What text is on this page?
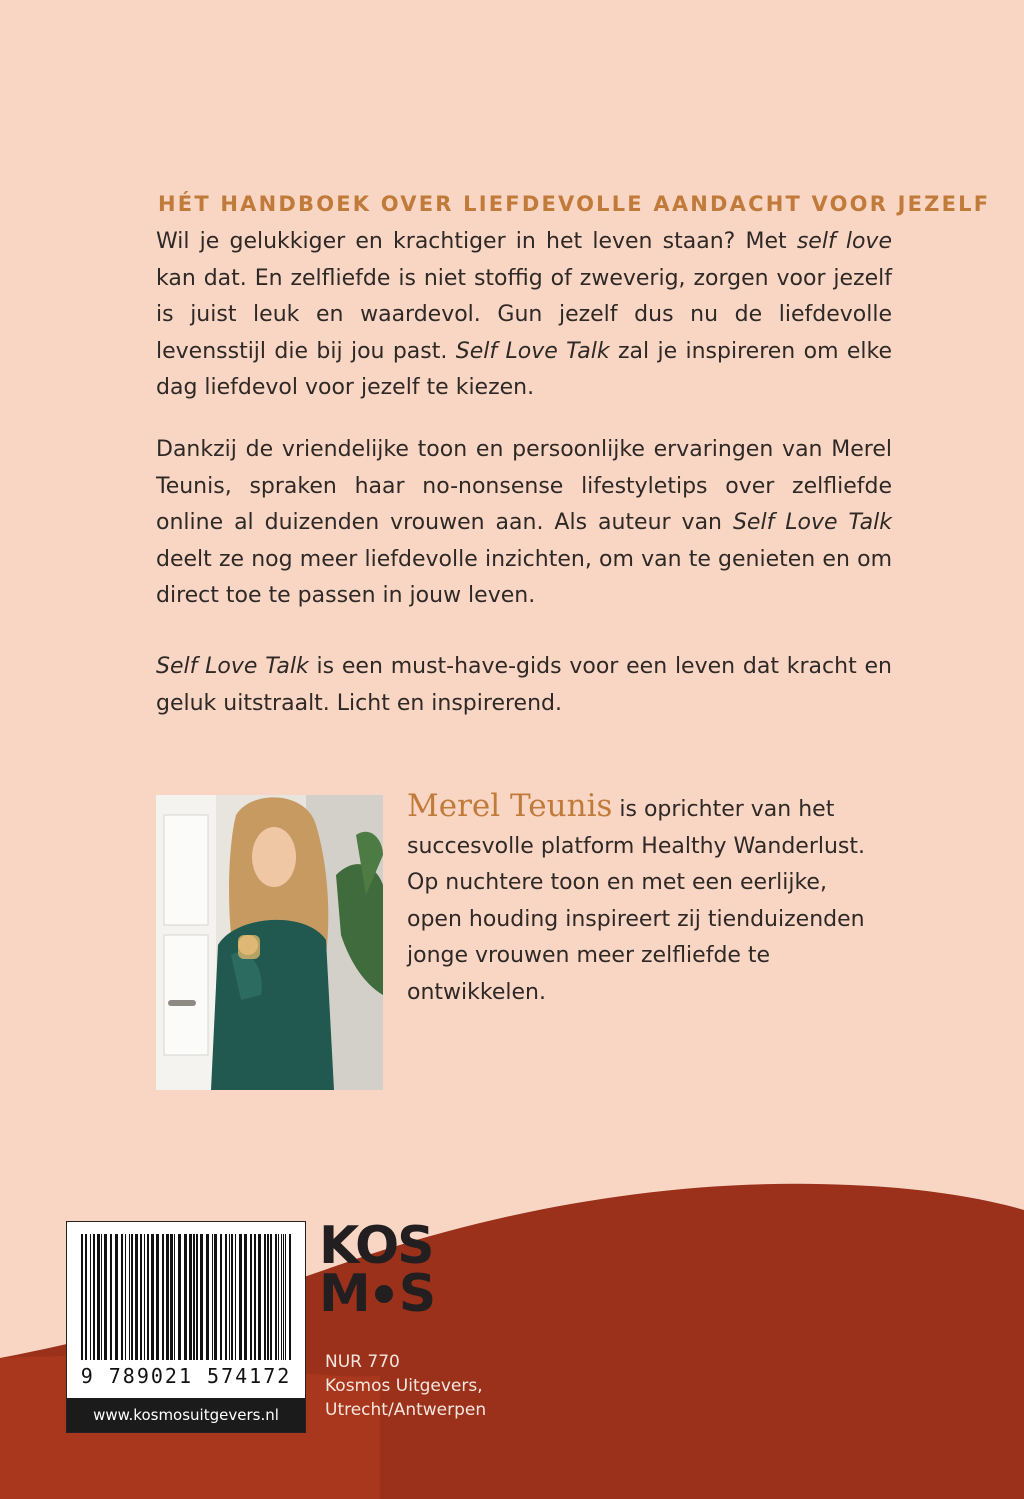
HÉT HANDBOEK OVER LIEFDEVOLLE AANDACHT VOOR JEZELF

Wil je gelukkiger en krachtiger in het leven staan? Met self love kan dat. En zelfliefde is niet stoffig of zweverig, zorgen voor jezelf is juist leuk en waardevol. Gun jezelf dus nu de liefdevolle levensstijl die bij jou past. Self Love Talk zal je inspireren om elke dag liefdevol voor jezelf te kiezen.

Dankzij de vriendelijke toon en persoonlijke ervaringen van Merel Teunis, spraken haar no-nonsense lifestyletips over zelfliefde online al duizenden vrouwen aan. Als auteur van Self Love Talk deelt ze nog meer liefdevolle inzichten, om van te genieten en om direct toe te passen in jouw leven.

Self Love Talk is een must-have-gids voor een leven dat kracht en geluk uitstraalt. Licht en inspirerend.

Merel Teunis is oprichter van het succesvolle platform Healthy Wanderlust. Op nuchtere toon en met een eerlijke, open houding inspireert zij tienduizenden jonge vrouwen meer zelfliefde te ontwikkelen.
9 789021 574172
www.kosmosuitgevers.nl
KOS
M S
NUR 770
Kosmos Uitgevers,
Utrecht/Antwerpen
